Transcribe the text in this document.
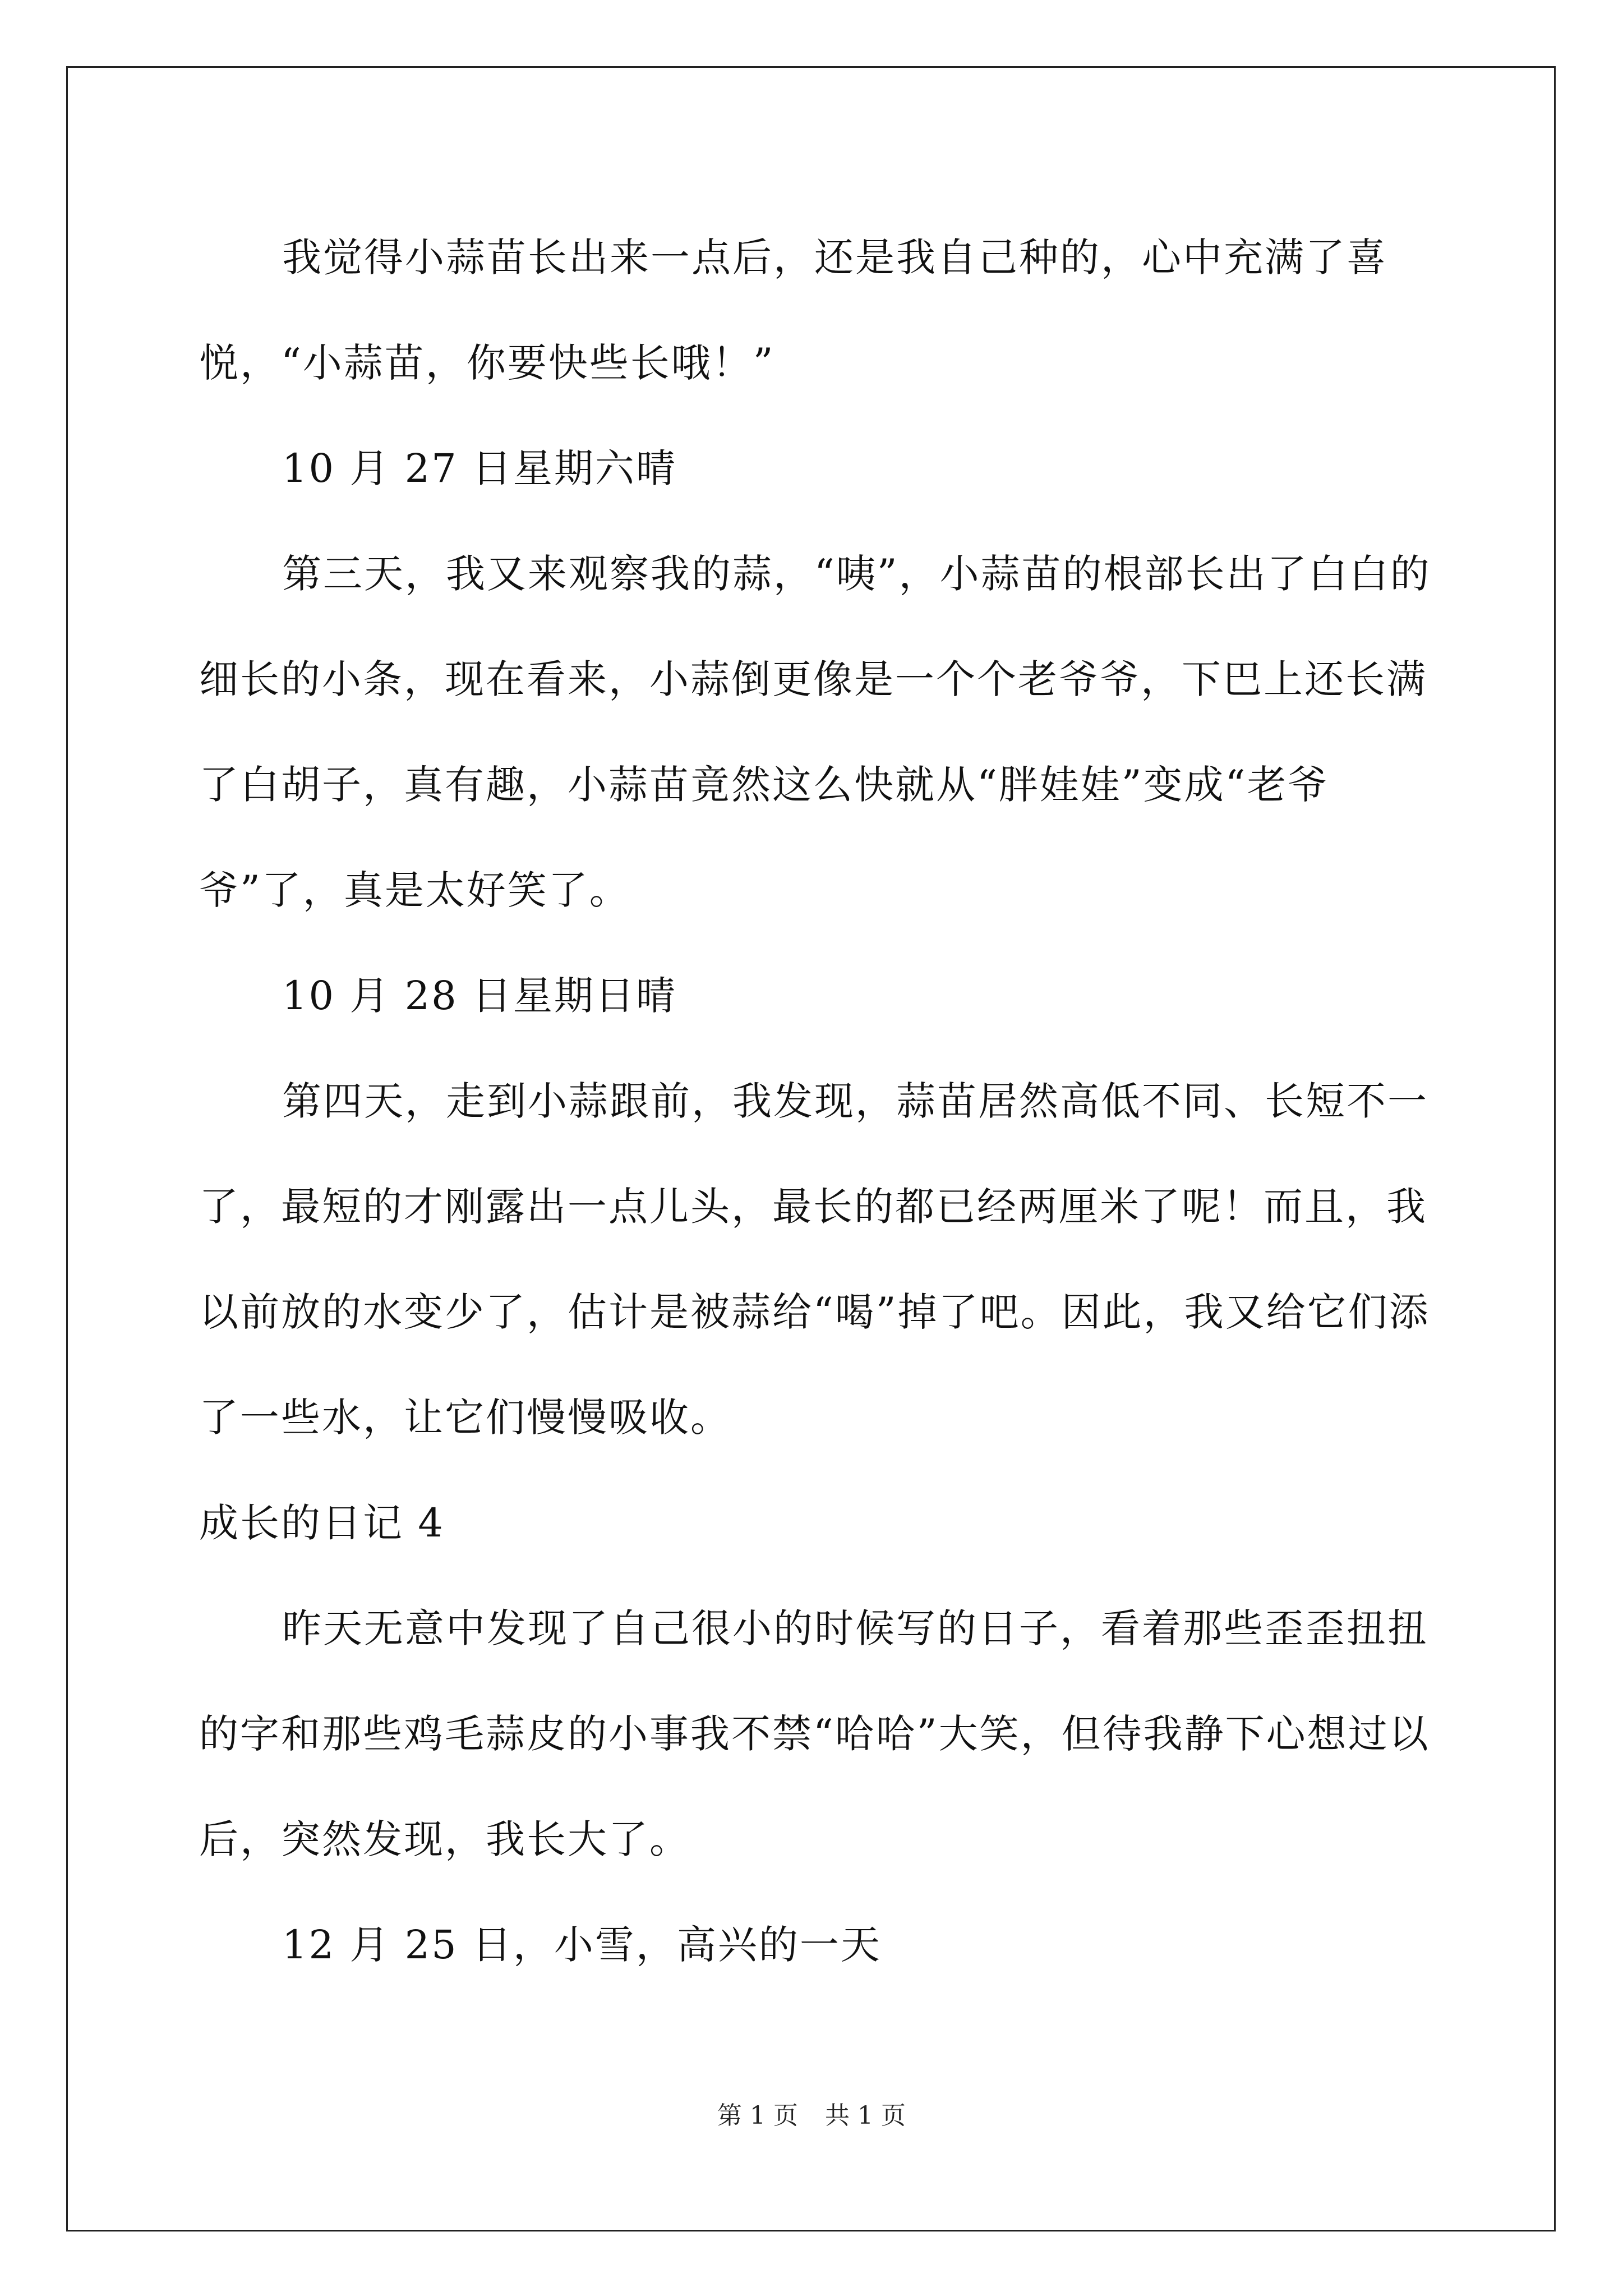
我觉得小蒜苗长出来一点后，还是我自己种的，心中充满了喜悦，“小蒜苗，你要快些长哦！”

10 月 27 日星期六晴

第三天，我又来观察我的蒜，“咦”，小蒜苗的根部长出了白白的细长的小条，现在看来，小蒜倒更像是一个个老爷爷，下巴上还长满了白胡子，真有趣，小蒜苗竟然这么快就从“胖娃娃”变成“老爷爷”了，真是太好笑了。

10 月 28 日星期日晴

第四天，走到小蒜跟前，我发现，蒜苗居然高低不同、长短不一了，最短的才刚露出一点儿头，最长的都已经两厘米了呢！而且，我以前放的水变少了，估计是被蒜给“喝”掉了吧。因此，我又给它们添了一些水，让它们慢慢吸收。

成长的日记 4

昨天无意中发现了自己很小的时候写的日子，看着那些歪歪扭扭的字和那些鸡毛蒜皮的小事我不禁“哈哈”大笑，但待我静下心想过以后，突然发现，我长大了。

12 月 25 日，小雪，高兴的一天

第 1 页 共 1 页
